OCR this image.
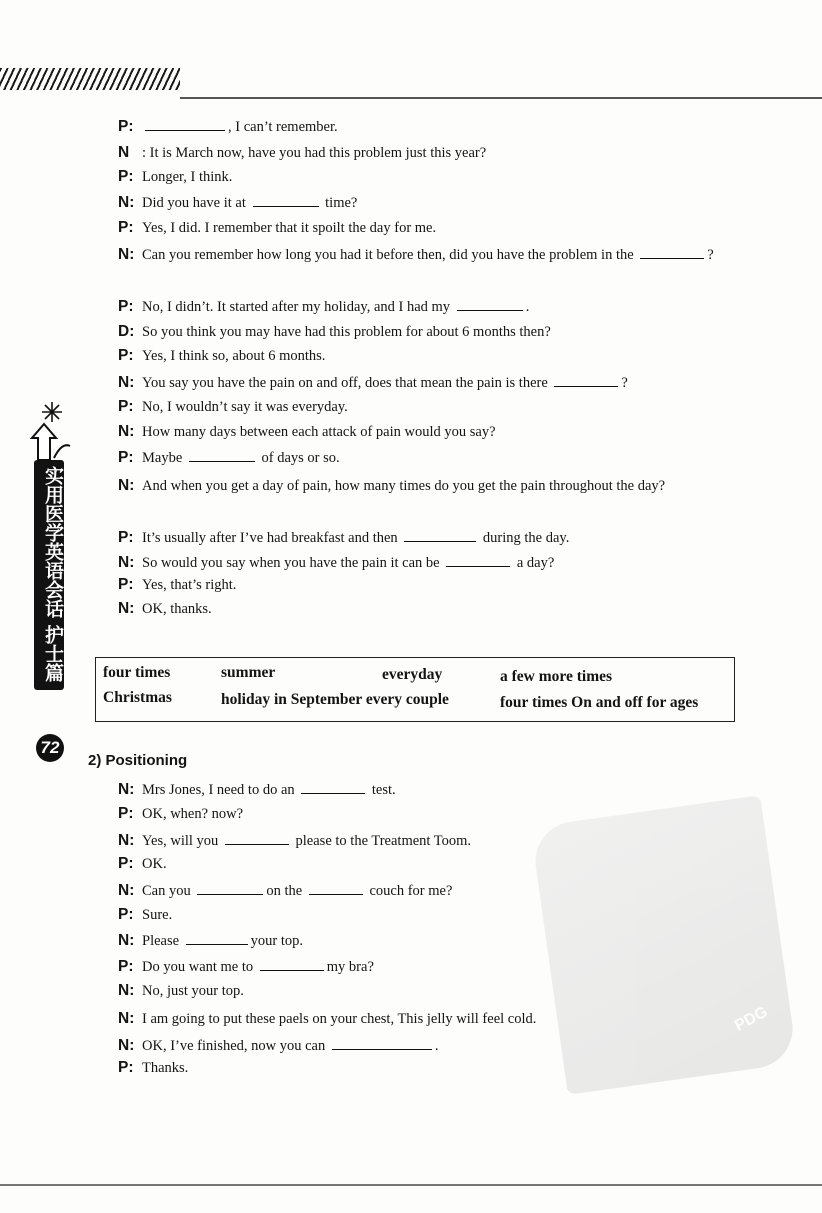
实用医学英语会话 护士篇
72
P:	, I can’t remember.
N : It is March now, have you had this problem just this year?
P: Longer, I think.
N: Did you have it at	time?
P: Yes, I did. I remember that it spoilt the day for me.
N: Can you remember how long you had it before then, did you have the problem in the	?
P: No, I didn’t. It started after my holiday, and I had my	.
D: So you think you may have had this problem for about 6 months then?
P: Yes, I think so, about 6 months.
N: You say you have the pain on and off, does that mean the pain is there	?
P: No, I wouldn’t say it was everyday.
N: How many days between each attack of pain would you say?
P: Maybe	of days or so.
N: And when you get a day of pain, how many times do you get the pain throughout the day?
P: It’s usually after I’ve had breakfast and then	during the day.
N: So would you say when you have the pain it can be	a day?
P: Yes, that’s right.
N: OK, thanks.
four times	summer	everyday	a few more times
Christmas	holiday in September every couple	four times On and off for ages
2) Positioning
N: Mrs Jones, I need to do an	test.
P: OK, when? now?
N: Yes, will you	please to the Treatment Toom.
P: OK.
N: Can you	on the	couch for me?
P: Sure.
N: Please	your top.
P: Do you want me to	my bra?
N: No, just your top.
N: I am going to put these paels on your chest, This jelly will feel cold.
N: OK, I’ve finished, now you can	.
P: Thanks.
PDG
